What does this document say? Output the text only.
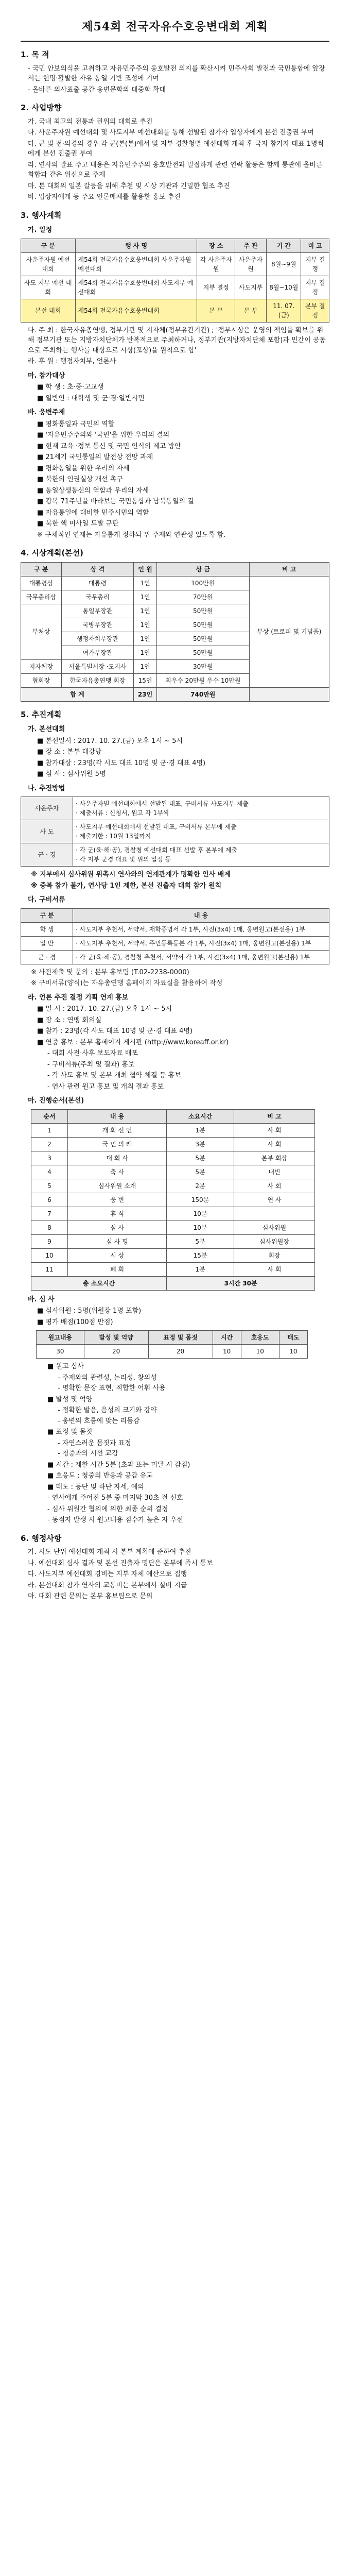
제54회 전국자유수호웅변대회 계획
1. 목 적
- 국민 안보의식을 고취하고 자유민주주의 웅호발전 의지를 확산시켜 민주사회 발전과 국민통합에 앞장서는 현명·활발한 자유 통일 기반 조성에 기여
- 올바른 의사표출 공간 웅변문화의 대중화 확대
2. 사업방향
가. 국내 최고의 전통과 권위의 대회로 추진
나. 사운주자원 예선대회 및 사도지부 예선대회를 통해 선발된 참가자 입상자에게 본선 진출권 부여
다. 군 및 전·의경의 경우 각 군(본(본)에서 및 지부 경찰청별 예선대회 개최 후 국자 참가자 대표 1명씩에게 본선 진출권 부여
라. 연사의 발표 주고 내용은 지유민주주의 웅호발전과 밀접하게 관련 연락 활동은 함께 통관에 올바른 화합과 같은 위신으로 주제
마. 본 대회의 일본 갈등을 위해 추천 및 시상 기관과 긴밀한 협조 추진
바. 입상자에게 등 주요 언론매체를 활용한 홍보 추진
3. 행사계획
가. 일정
구 분	행 사 명	장 소	주 관	기 간	비 고
사운주자원 예선 대회	제54회 전국자유수호웅변대회 사운주자원 예선대회	각 사운주자원	사운주자원	8월~9월	지부 결정
사도 지부 예선 대회	제54회 전국자유수호웅변대회 사도지부 예선대회	지부 결정	사도지부	8월~10월	지부 결정
본선 대회	제54회 전국자유수호웅변대회	본 부	본 부	11. 07.(금)	본부 결정
다. 주 최 : 한국자유총연맹, 정부기관 및 지자체(정부유관기관) ; '정부시상은 운영의 책임을 확보를 위해 정부기관 또는 지방자치단체가 반복적으로 주최하거나, 정부기관(지방자치단체 포함)과 민간이 공동으로 주최하는 행사를 대상으로 시상(포상)을 원칙으로 함'
라. 후 원 : 행정자치부, 언론사
마. 참가대상
■ 학 생 : 초·중·고교생
■ 일반인 : 대학생 및 군·경·일반시민
바. 웅변주제
■ 평화통일과 국민의 역할
■ '자유민주주의와 '국민'을 위한 우리의 결의
■ 현재 교육 ·정보 통신 및 국민 인식의 제고 방안
■ 21세기 국민통일의 발전상 전망 과제
■ 평화통일을 위한 우리의 자세
■ 북한의 인권실상 개선 촉구
■ 통일상생통신의 역할과 우리의 자세
■ 광복 71주년을 바라보는 국민통합과 남북통일의 길
■ 자유통일에 대비한 민주시민의 역할
■ 북한 핵 미사일 도발 규탄
※ 구체적인 연제는 자유롭게 정하되 위 주제와 연관성 있도록 함.
4. 시상계획(본선)
구 분	상 격	인 원	상 금	비 고
대통령상	대통령	1인	100만원	부상 (트로피 및 기념품)
국무총리상	국무총리	1인	70만원	
부처상	통일부장관	1인	50만원	
	국방부장관	1인	50만원	
	행정자치부장관	1인	50만원	
	여가부장관	1인	50만원	
지자체장	서울특별시장 ·도지사	1인	30만원	
협회장	한국자유총연맹 회장	15인	최우수 20만원 우수 10만원	
합 계		23인	740만원	
5. 추진계획
가. 본선대회
■ 본선일시 : 2017. 10. 27.(금) 오후 1시 ~ 5시
■ 장 소 : 본부 대강당
■ 참가대상 : 23명(각 시도 대표 10명 및 군·경 대표 4명)
■ 심 사 : 심사위원 5명
나. 추진방법
사운주자	· 사운주자별 예선대회에서 선발된 대표, 구비서류 사도지부 제출
· 제출서류 : 신청서, 원고 각 1부씩
사 도	· 사도지부 예선대회에서 선발된 대표, 구비서류 본부에 제출
· 제출기한 : 10월 13일까지
군 · 경	· 각 군(육·해·공), 경찰청 예선대회 대표 선발 후 본부에 제출
· 각 지부 군경 대표 및 위의 일정 등
※ 지부에서 심사위원 위촉시 연사와의 연계관계가 명확한 인사 배제
※ 중복 참가 불가, 연사당 1인 제한, 본선 진출자 대회 참가 원칙
다. 구비서류
구 분	내 용
학 생	· 사도지부 추천서, 서약서, 재학증명서 각 1부, 사진(3x4) 1매, 웅변원고(본선용) 1부
일 반	· 사도지부 추천서, 서약서, 주민등록등본 각 1부, 사진(3x4) 1매, 웅변원고(본선용) 1부
군 · 경	· 각 군(육·해·공), 경찰청 추천서, 서약서 각 1부, 사진(3x4) 1매, 웅변원고(본선용) 1부
※ 사전제출 및 문의 : 본부 홍보팀 (T.02-2238-0000)
※ 구비서류(양식)는 자유총연맹 홈페이지 자료실을 활용하여 작성
라. 언론 추진 결정 기획 연계 홍보
■ 일 시 : 2017. 10. 27.(금) 오후 1시 ~ 5시
■ 장 소 : 연맹 회의실
■ 참가 : 23명(각 사도 대표 10명 및 군·경 대표 4명)
■ 연중 홍보 : 본부 홈페이지 게시판 (http://www.koreaff.or.kr)
- 대회 사전·사후 보도자료 배포
- 구비서류(주최 및 결과) 홍보
- 각 사도 홍보 및 본부 개최 협약 체결 등 홍보
- 연사 관련 원고 홍보 및 개최 결과 홍보
마. 진행순서(본선)
순서	내 용	소요시간	비 고
1	개 회 선 언	1분	사 회
2	국 민 의 례	3분	사 회
3	대 회 사	5분	본부 회장
4	축 사	5분	내빈
5	심사위원 소개	2분	사 회
6	웅 변	150분	연 사
7	휴 식	10분	
8	심 사	10분	심사위원
9	심 사 평	5분	심사위원장
10	시 상	15분	회장
11	폐 회	1분	사 회
총 소요시간		3시간 30분	
바. 심 사
■ 심사위원 : 5명(위원장 1명 포함)
■ 평가 배점(100점 만점)
원고내용	발성 및 억양	표정 및 몸짓	시간	호응도	태도
30	20	20	10	10	10
■ 원고 심사
- 주제와의 관련성, 논리성, 창의성
- 명확한 문장 표현, 적합한 어휘 사용
■ 발성 및 억양
- 정확한 발음, 음성의 크기와 강약
- 웅변의 흐름에 맞는 리듬감
■ 표정 및 몸짓
- 자연스러운 몸짓과 표정
- 청중과의 시선 교감
■ 시간 : 제한 시간 5분 (초과 또는 미달 시 감점)
■ 호응도 : 청중의 반응과 공감 유도
■ 태도 : 등단 및 하단 자세, 예의
- 연사에게 주어진 5분 중 마지막 30초 전 신호
- 심사 위원간 협의에 의한 최종 순위 결정
- 동점자 발생 시 원고내용 점수가 높은 자 우선
6. 행정사항
가. 시도 단위 예선대회 개최 시 본부 계획에 준하여 추진
나. 예선대회 심사 결과 및 본선 진출자 명단은 본부에 즉시 통보
다. 사도지부 예선대회 경비는 지부 자체 예산으로 집행
라. 본선대회 참가 연사의 교통비는 본부에서 실비 지급
마. 대회 관련 문의는 본부 홍보팀으로 문의
